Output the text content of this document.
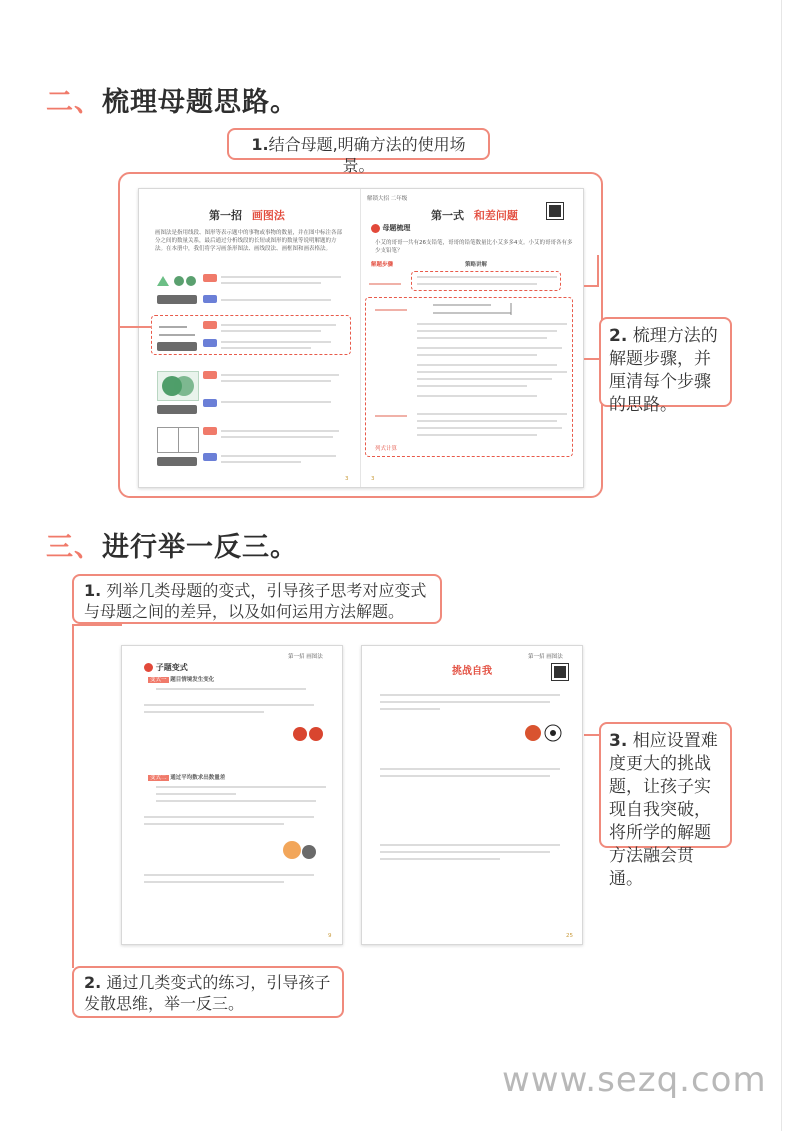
二、梳理母题思路。
1.结合母题,明确方法的使用场景。
第一招 画图法
画图法是指用线段、图形等表示题中的事物或事物的数量，并在图中标注各部分之间的数量关系，最后通过分析线段的长短或图形的数量等说明解题的方法。在本册中，我们将学习画条形图法、画线段法、画框图和画表格法。
3
解锁大招 二年级
第一式 和差问题
母题梳理
小艾的哥哥一共有26支铅笔，哥哥的铅笔数量比小艾多多4支。小艾的哥哥各有多少支铅笔？
解题步骤	策略讲解
列式计算
3
2. 梳理方法的解题步骤，并厘清每个步骤的思路。
三、进行举一反三。
1. 列举几类母题的变式，引导孩子思考对应变式与母题之间的差异，以及如何运用方法解题。
第一招 画图法
子题变式
变式一 题目情境发生变化
变式二 通过平均数求出数量差
9
第一招 画图法
挑战自我
25
3. 相应设置难度更大的挑战题，让孩子实现自我突破，将所学的解题方法融会贯通。
2. 通过几类变式的练习，引导孩子发散思维，举一反三。
www.sezq.com
